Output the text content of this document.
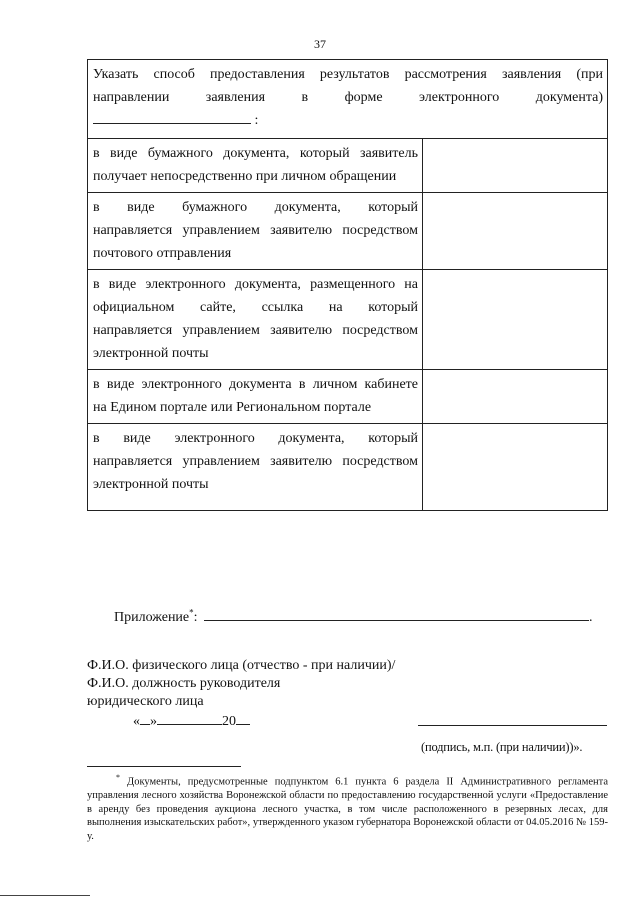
37
Указать способ предоставления результатов рассмотрения заявления (при
направлении заявления в форме электронного документа)
:	

в виде бумажного документа, который заявитель
получает непосредственно при личном обращении	

в виде бумажного документа, который
направляется управлением заявителю посредством
почтового отправления	

в виде электронного документа, размещенного на
официальном сайте, ссылка на который
направляется управлением заявителю посредством
электронной почты	

в виде электронного документа в личном кабинете
на Едином портале или Региональном портале	

в виде электронного документа, который
направляется управлением заявителю посредством
электронной почты	

Приложение*:	.
Ф.И.О. физического лица (отчество - при наличии)/
Ф.И.О. должность руководителя
юридического лица
« »	20
(подпись, м.п. (при наличии))».
* Документы, предусмотренные подпунктом 6.1 пункта 6 раздела II Административного регламента управления лесного хозяйства Воронежской области по предоставлению государственной услуги «Предоставление в аренду без проведения аукциона лесного участка, в том числе расположенного в резервных лесах, для выполнения изыскательских работ», утвержденного указом губернатора Воронежской области от 04.05.2016 № 159-у.
